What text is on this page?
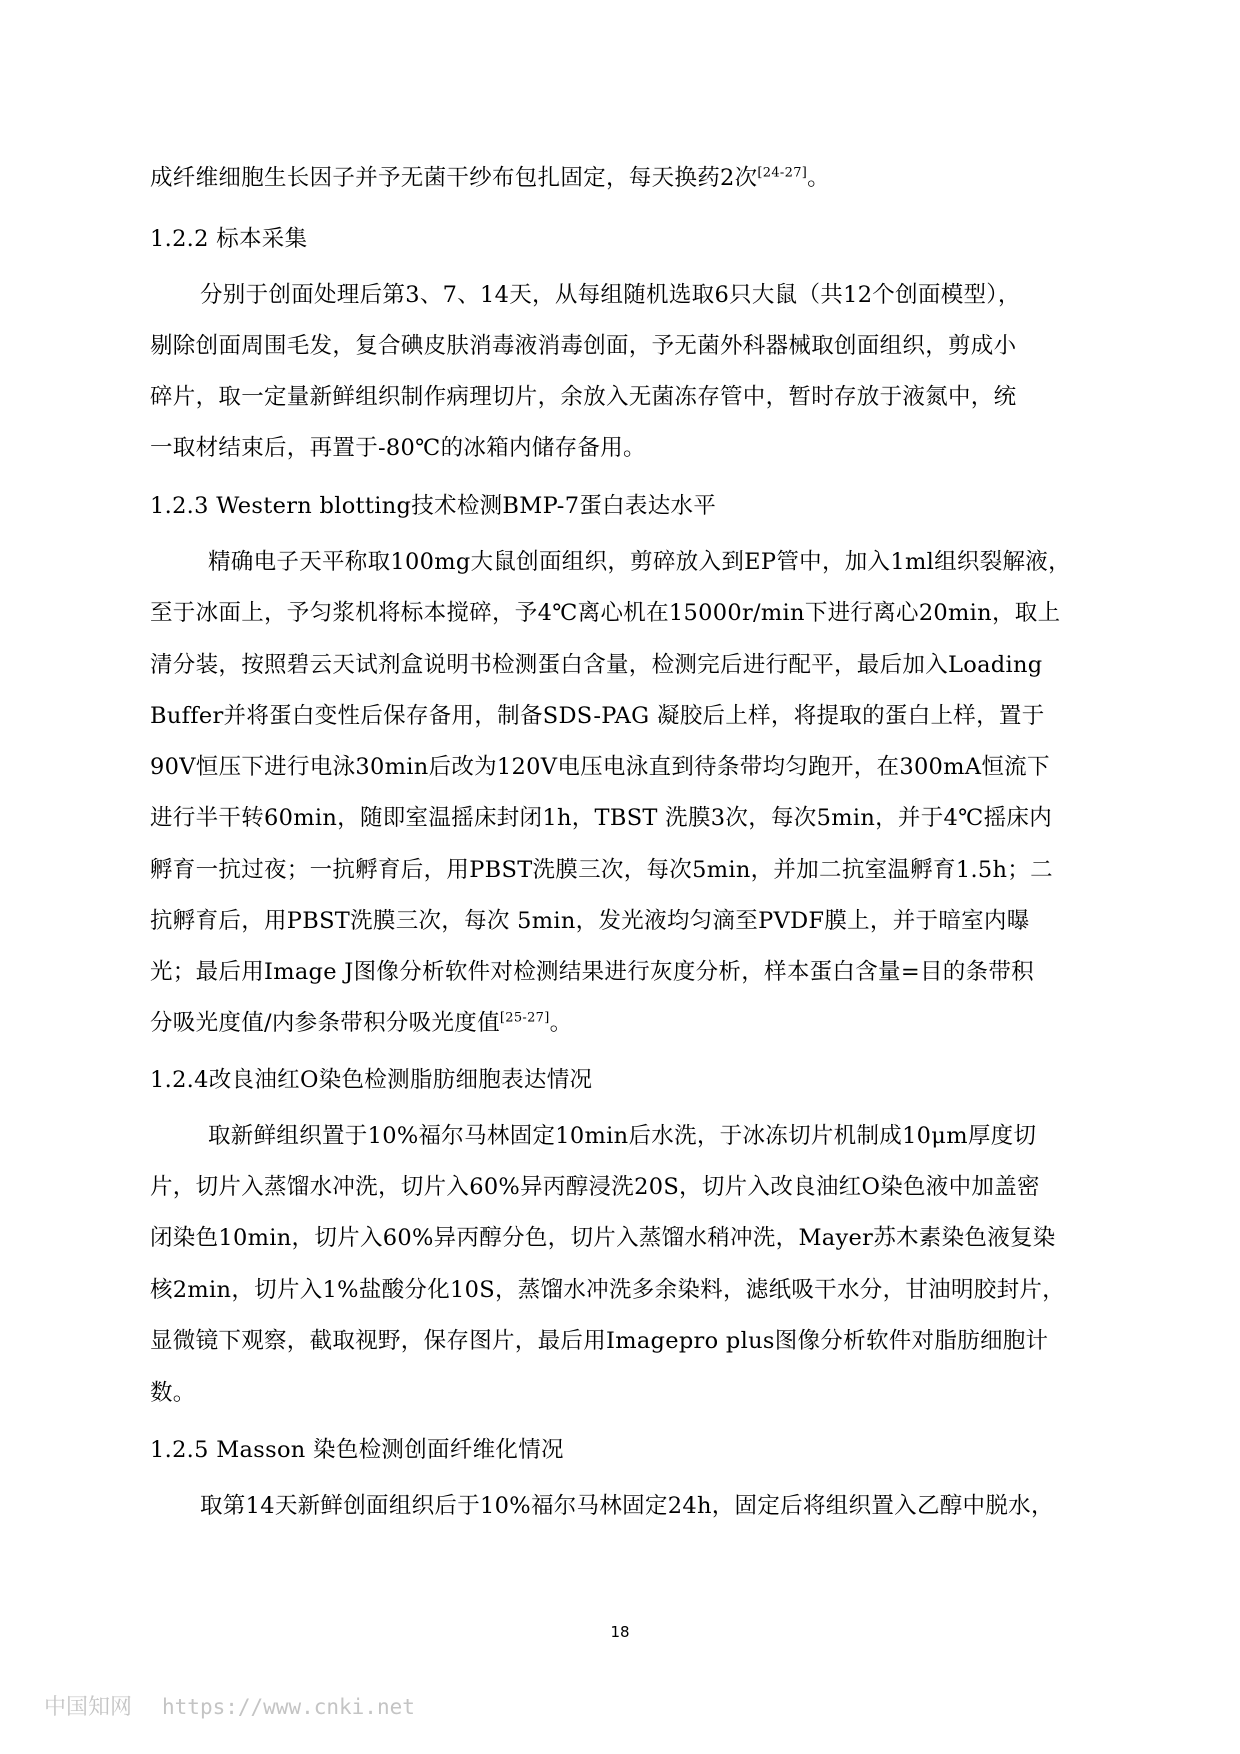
成纤维细胞生长因子并予无菌干纱布包扎固定，每天换药2次[24-27]。
1.2.2 标本采集
分别于创面处理后第3、7、14天，从每组随机选取6只大鼠（共12个创面模型），
剔除创面周围毛发，复合碘皮肤消毒液消毒创面，予无菌外科器械取创面组织，剪成小
碎片，取一定量新鲜组织制作病理切片，余放入无菌冻存管中，暂时存放于液氮中，统
一取材结束后，再置于-80℃的冰箱内储存备用。
1.2.3 Western blotting技术检测BMP-7蛋白表达水平
精确电子天平称取100mg大鼠创面组织，剪碎放入到EP管中，加入1ml组织裂解液，
至于冰面上，予匀浆机将标本搅碎，予4℃离心机在15000r/min下进行离心20min，取上
清分装，按照碧云天试剂盒说明书检测蛋白含量，检测完后进行配平，最后加入Loading
Buffer并将蛋白变性后保存备用，制备SDS-PAG 凝胶后上样，将提取的蛋白上样，置于
90V恒压下进行电泳30min后改为120V电压电泳直到待条带均匀跑开，在300mA恒流下
进行半干转60min，随即室温摇床封闭1h，TBST 洗膜3次，每次5min，并于4℃摇床内
孵育一抗过夜；一抗孵育后，用PBST洗膜三次，每次5min，并加二抗室温孵育1.5h；二
抗孵育后，用PBST洗膜三次，每次 5min，发光液均匀滴至PVDF膜上，并于暗室内曝
光；最后用Image J图像分析软件对检测结果进行灰度分析，样本蛋白含量=目的条带积
分吸光度值/内参条带积分吸光度值[25-27]。
1.2.4改良油红O染色检测脂肪细胞表达情况
取新鲜组织置于10%福尔马林固定10min后水洗，于冰冻切片机制成10μm厚度切
片，切片入蒸馏水冲洗，切片入60%异丙醇浸洗20S，切片入改良油红O染色液中加盖密
闭染色10min，切片入60%异丙醇分色，切片入蒸馏水稍冲洗，Mayer苏木素染色液复染
核2min，切片入1%盐酸分化10S，蒸馏水冲洗多余染料，滤纸吸干水分，甘油明胶封片，
显微镜下观察，截取视野，保存图片，最后用Imagepro plus图像分析软件对脂肪细胞计
数。
1.2.5 Masson 染色检测创面纤维化情况
取第14天新鲜创面组织后于10%福尔马林固定24h，固定后将组织置入乙醇中脱水，
18
中国知网 https://www.cnki.net
